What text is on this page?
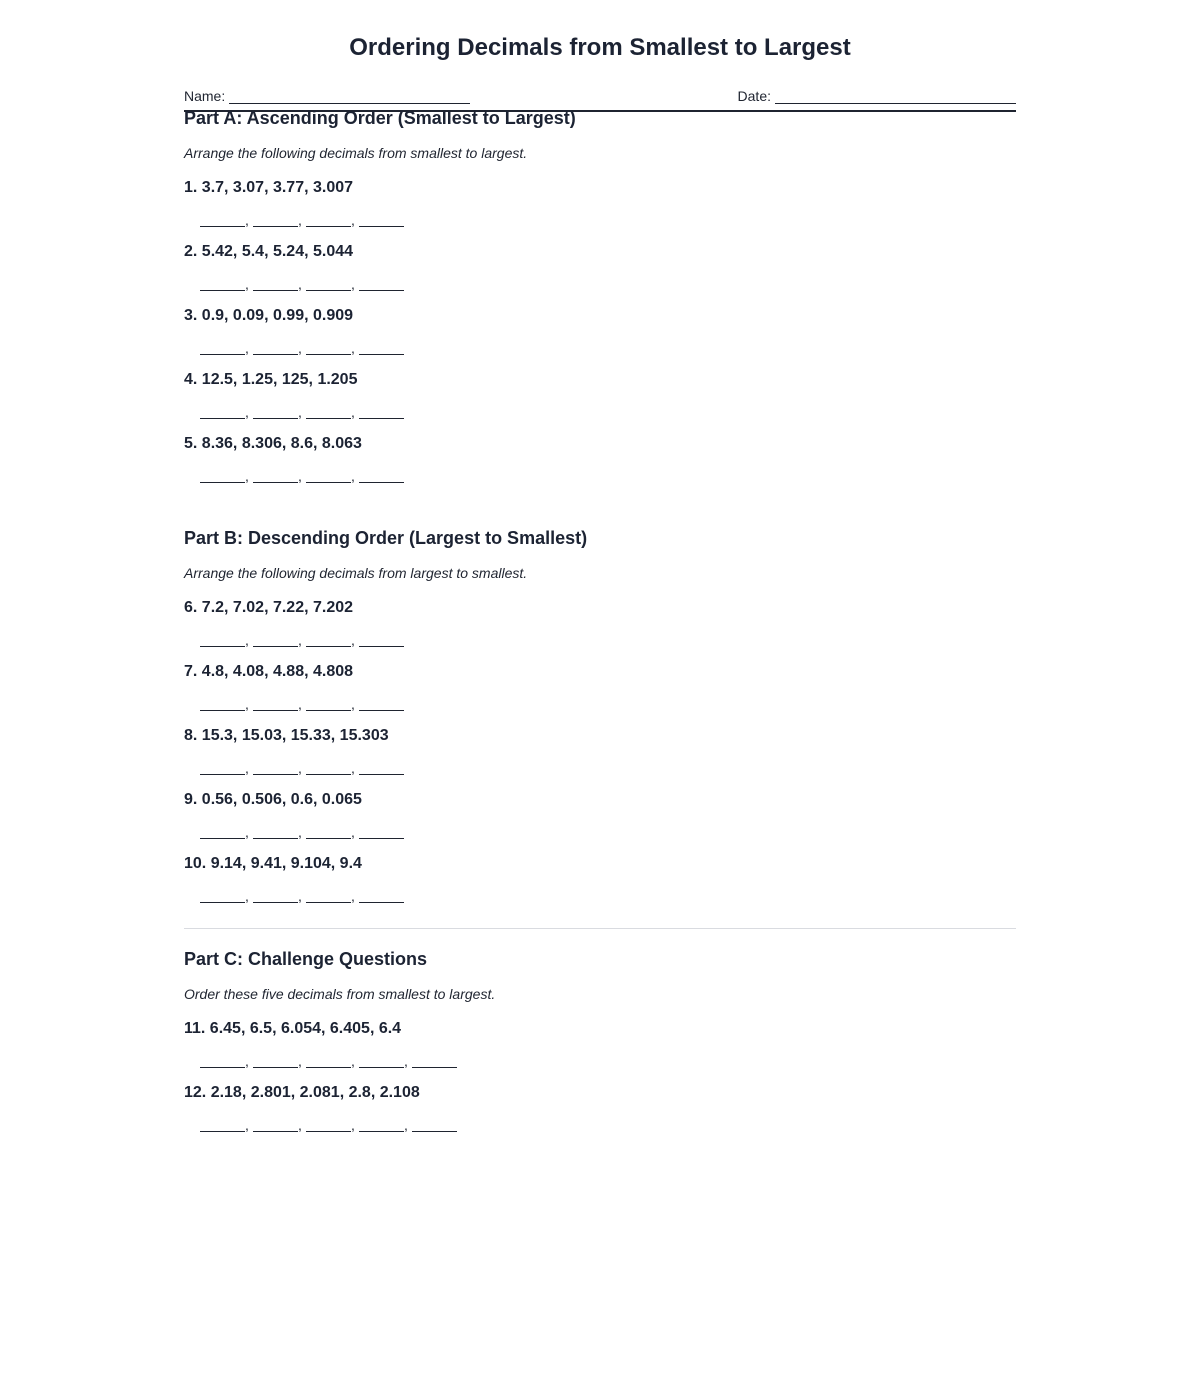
Ordering Decimals from Smallest to Largest
Name:	Date:
Part A: Ascending Order (Smallest to Largest)
Arrange the following decimals from smallest to largest.
1. 3.7, 3.07, 3.77, 3.007
,	,	,
2. 5.42, 5.4, 5.24, 5.044
,	,	,
3. 0.9, 0.09, 0.99, 0.909
,	,	,
4. 12.5, 1.25, 125, 1.205
,	,	,
5. 8.36, 8.306, 8.6, 8.063
,	,	,
Part B: Descending Order (Largest to Smallest)
Arrange the following decimals from largest to smallest.
6. 7.2, 7.02, 7.22, 7.202
,	,	,
7. 4.8, 4.08, 4.88, 4.808
,	,	,
8. 15.3, 15.03, 15.33, 15.303
,	,	,
9. 0.56, 0.506, 0.6, 0.065
,	,	,
10. 9.14, 9.41, 9.104, 9.4
,	,	,
Part C: Challenge Questions
Order these five decimals from smallest to largest.
11. 6.45, 6.5, 6.054, 6.405, 6.4
,	,	,	,
12. 2.18, 2.801, 2.081, 2.8, 2.108
,	,	,	,
